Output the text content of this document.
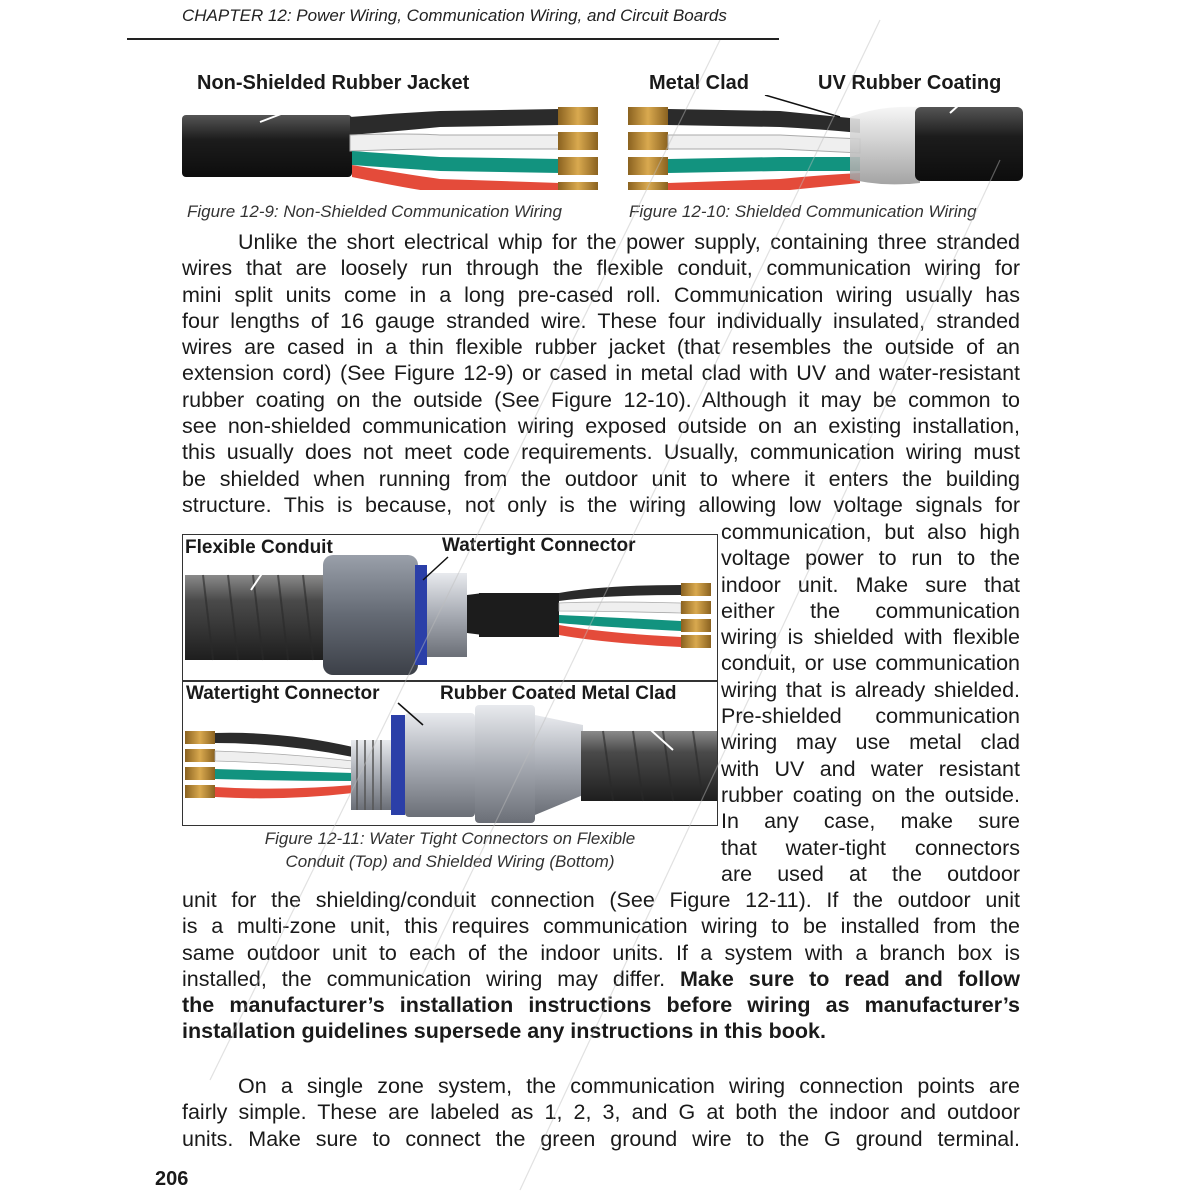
CHAPTER 12: Power Wiring, Communication Wiring, and Circuit Boards
Non-Shielded Rubber Jacket	Metal Clad	UV Rubber Coating
Figure 12-9: Non-Shielded Communication Wiring	Figure 12-10: Shielded Communication Wiring
Unlike the short electrical whip for the power supply, containing three stranded
wires that are loosely run through the flexible conduit, communication wiring for
mini split units come in a long pre-cased roll. Communication wiring usually has
four lengths of 16 gauge stranded wire. These four individually insulated, stranded
wires are cased in a thin flexible rubber jacket (that resembles the outside of an
extension cord) (See Figure 12-9) or cased in metal clad with UV and water-resistant
rubber coating on the outside (See Figure 12-10). Although it may be common to
see non-shielded communication wiring exposed outside on an existing installation,
this usually does not meet code requirements. Usually, communication wiring must
be shielded when running from the outdoor unit to where it enters the building
structure. This is because, not only is the wiring allowing low voltage signals for
communication, but also high
voltage power to run to the
indoor unit. Make sure that
either the communication
wiring is shielded with flexible
conduit, or use communication
wiring that is already shielded.
Pre-shielded communication
wiring may use metal clad
with UV and water resistant
rubber coating on the outside.
In any case, make sure
that water-tight connectors
are used at the outdoor
Flexible Conduit	Watertight Connector
Watertight Connector	Rubber Coated Metal Clad
Figure 12-11: Water Tight Connectors on Flexible
Conduit (Top) and Shielded Wiring (Bottom)
unit for the shielding/conduit connection (See Figure 12-11). If the outdoor unit
is a multi-zone unit, this requires communication wiring to be installed from the
same outdoor unit to each of the indoor units. If a system with a branch box is
installed, the communication wiring may differ. Make sure to read and follow
the manufacturer’s installation instructions before wiring as manufacturer’s
installation guidelines supersede any instructions in this book.
On a single zone system, the communication wiring connection points are
fairly simple. These are labeled as 1, 2, 3, and G at both the indoor and outdoor
units. Make sure to connect the green ground wire to the G ground terminal.
206
